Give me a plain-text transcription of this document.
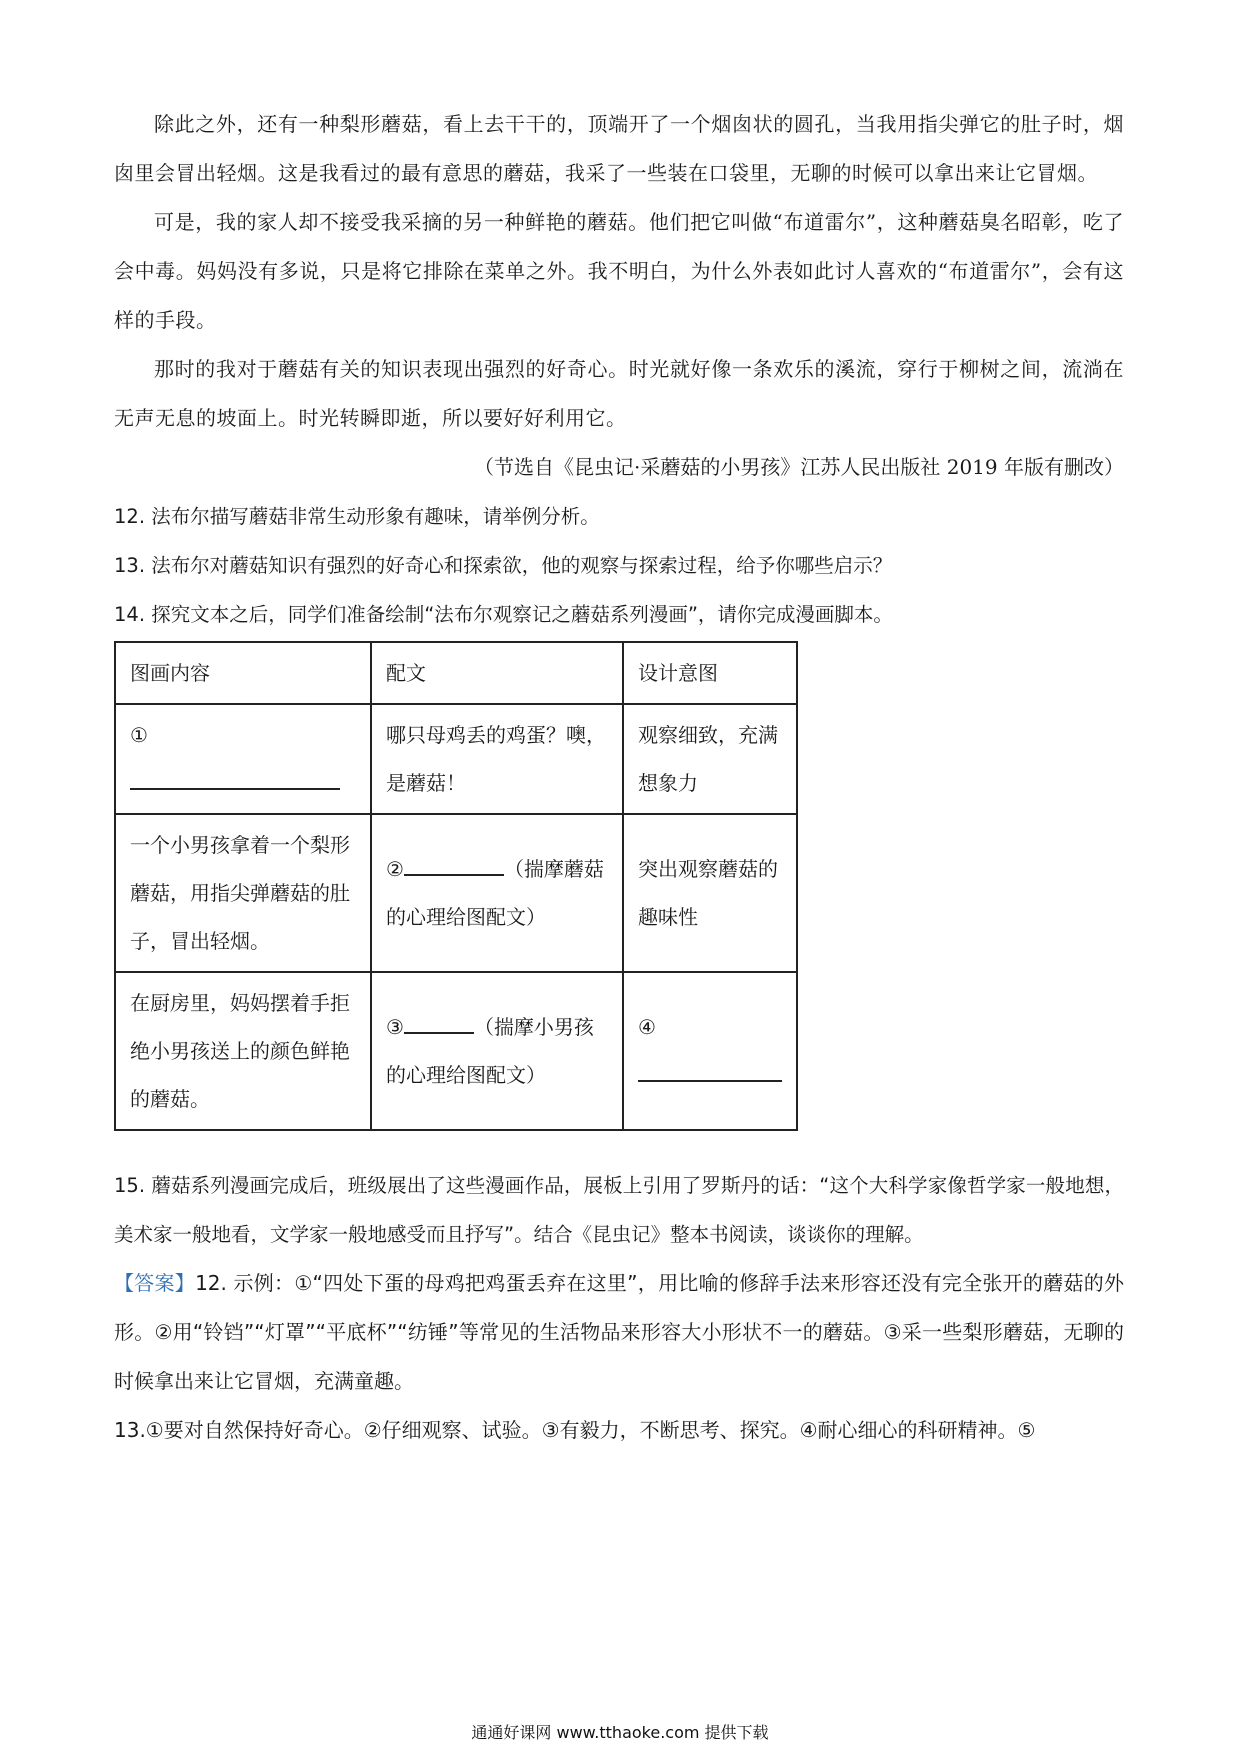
除此之外，还有一种梨形蘑菇，看上去干干的，顶端开了一个烟囱状的圆孔，当我用指尖弹它的肚子时，烟囱里会冒出轻烟。这是我看过的最有意思的蘑菇，我采了一些装在口袋里，无聊的时候可以拿出来让它冒烟。

可是，我的家人却不接受我采摘的另一种鲜艳的蘑菇。他们把它叫做“布道雷尔”，这种蘑菇臭名昭彰，吃了会中毒。妈妈没有多说，只是将它排除在菜单之外。我不明白，为什么外表如此讨人喜欢的“布道雷尔”，会有这样的手段。

那时的我对于蘑菇有关的知识表现出强烈的好奇心。时光就好像一条欢乐的溪流，穿行于柳树之间，流淌在无声无息的坡面上。时光转瞬即逝，所以要好好利用它。

（节选自《昆虫记·采蘑菇的小男孩》江苏人民出版社 2019 年版有删改）

12. 法布尔描写蘑菇非常生动形象有趣味，请举例分析。

13. 法布尔对蘑菇知识有强烈的好奇心和探索欲，他的观察与探索过程，给予你哪些启示？

14. 探究文本之后，同学们准备绘制“法布尔观察记之蘑菇系列漫画”，请你完成漫画脚本。

图画内容	配文	设计意图
①	哪只母鸡丢的鸡蛋？噢，是蘑菇！	观察细致，充满想象力
一个小男孩拿着一个梨形蘑菇，用指尖弹蘑菇的肚子，冒出轻烟。	② （揣摩蘑菇的心理给图配文）	突出观察蘑菇的趣味性
在厨房里，妈妈摆着手拒绝小男孩送上的颜色鲜艳的蘑菇。	③ （揣摩小男孩的心理给图配文）	④

15. 蘑菇系列漫画完成后，班级展出了这些漫画作品，展板上引用了罗斯丹的话：“这个大科学家像哲学家一般地想，美术家一般地看，文学家一般地感受而且抒写”。结合《昆虫记》整本书阅读，谈谈你的理解。

【答案】12. 示例：①“四处下蛋的母鸡把鸡蛋丢弃在这里”，用比喻的修辞手法来形容还没有完全张开的蘑菇的外形。②用“铃铛”“灯罩”“平底杯”“纺锤”等常见的生活物品来形容大小形状不一的蘑菇。③采一些梨形蘑菇，无聊的时候拿出来让它冒烟，充满童趣。

13.①要对自然保持好奇心。②仔细观察、试验。③有毅力，不断思考、探究。④耐心细心的科研精神。⑤

通通好课网 www.tthaoke.com 提供下载
